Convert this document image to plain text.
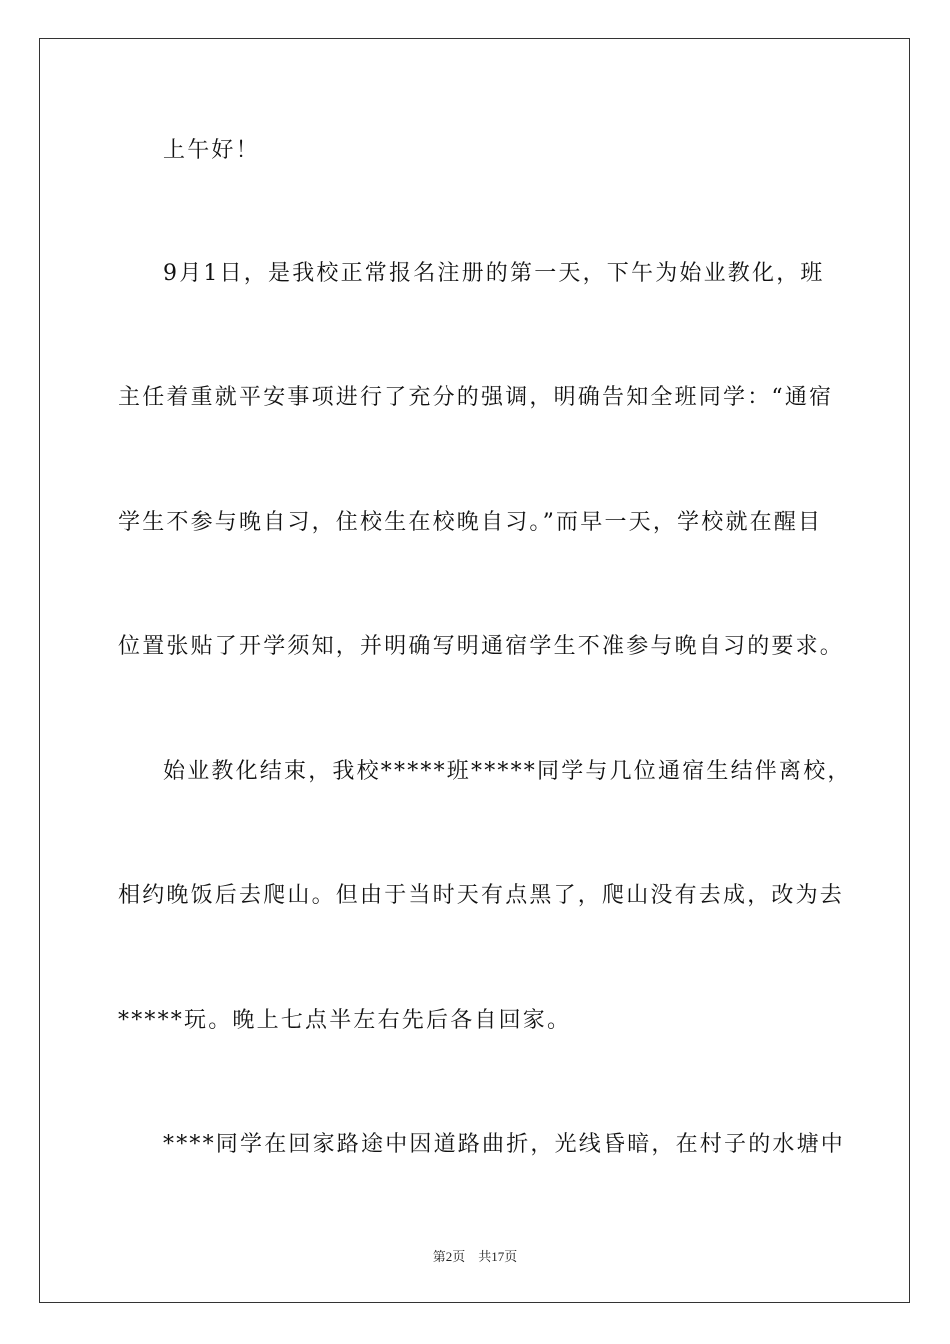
上午好！
9月1日，是我校正常报名注册的第一天，下午为始业教化，班
主任着重就平安事项进行了充分的强调，明确告知全班同学：“通宿
学生不参与晚自习，住校生在校晚自习。”而早一天，学校就在醒目
位置张贴了开学须知，并明确写明通宿学生不准参与晚自习的要求。
始业教化结束，我校*****班*****同学与几位通宿生结伴离校，
相约晚饭后去爬山。但由于当时天有点黑了，爬山没有去成，改为去
*****玩。晚上七点半左右先后各自回家。
****同学在回家路途中因道路曲折，光线昏暗，在村子的水塘中
第2页　共17页
